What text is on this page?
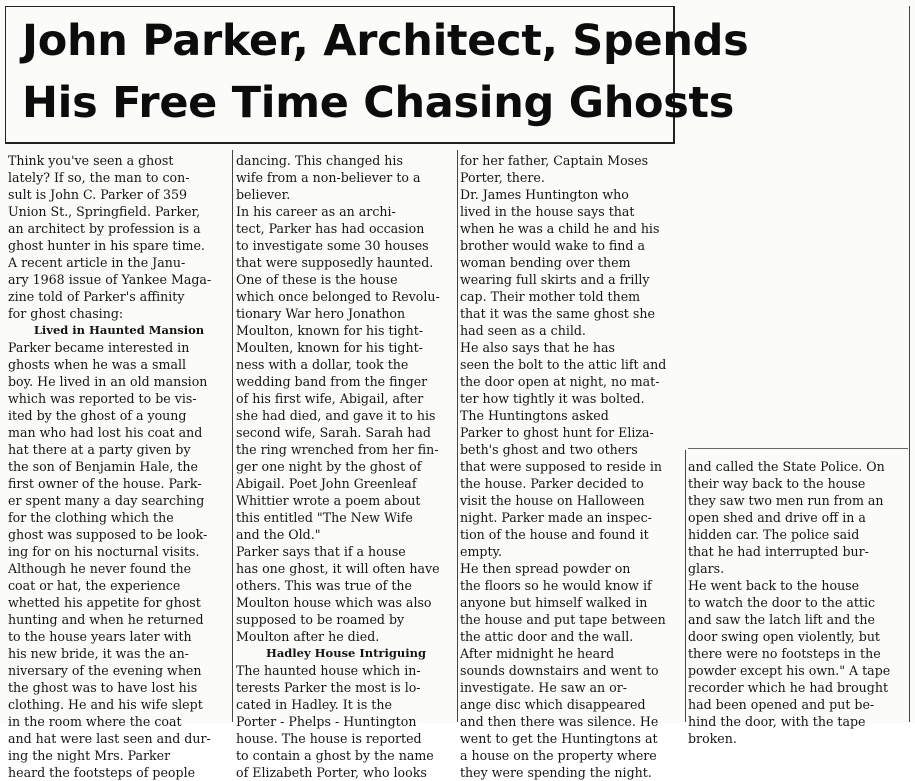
John Parker, Architect, Spends
His Free Time Chasing Ghosts
Think you've seen a ghost
lately? If so, the man to con-
sult is John C. Parker of 359
Union St., Springfield. Parker,
an architect by profession is a
ghost hunter in his spare time.
A recent article in the Janu-
ary 1968 issue of Yankee Maga-
zine told of Parker's affinity
for ghost chasing:
Lived in Haunted Mansion
Parker became interested in
ghosts when he was a small
boy. He lived in an old mansion
which was reported to be vis-
ited by the ghost of a young
man who had lost his coat and
hat there at a party given by
the son of Benjamin Hale, the
first owner of the house. Park-
er spent many a day searching
for the clothing which the
ghost was supposed to be look-
ing for on his nocturnal visits.
Although he never found the
coat or hat, the experience
whetted his appetite for ghost
hunting and when he returned
to the house years later with
his new bride, it was the an-
niversary of the evening when
the ghost was to have lost his
clothing. He and his wife slept
in the room where the coat
and hat were last seen and dur-
ing the night Mrs. Parker
heard the footsteps of people
dancing. This changed his
wife from a non-believer to a
believer.
In his career as an archi-
tect, Parker has had occasion
to investigate some 30 houses
that were supposedly haunted.
One of these is the house
which once belonged to Revolu-
tionary War hero Jonathon
Moulton, known for his tight-
Moulten, known for his tight-
ness with a dollar, took the
wedding band from the finger
of his first wife, Abigail, after
she had died, and gave it to his
second wife, Sarah. Sarah had
the ring wrenched from her fin-
ger one night by the ghost of
Abigail. Poet John Greenleaf
Whittier wrote a poem about
this entitled "The New Wife
and the Old."
Parker says that if a house
has one ghost, it will often have
others. This was true of the
Moulton house which was also
supposed to be roamed by
Moulton after he died.
Hadley House Intriguing
The haunted house which in-
terests Parker the most is lo-
cated in Hadley. It is the
Porter - Phelps - Huntington
house. The house is reported
to contain a ghost by the name
of Elizabeth Porter, who looks
for her father, Captain Moses
Porter, there.
Dr. James Huntington who
lived in the house says that
when he was a child he and his
brother would wake to find a
woman bending over them
wearing full skirts and a frilly
cap. Their mother told them
that it was the same ghost she
had seen as a child.
He also says that he has
seen the bolt to the attic lift and
the door open at night, no mat-
ter how tightly it was bolted.
The Huntingtons asked
Parker to ghost hunt for Eliza-
beth's ghost and two others
that were supposed to reside in
the house. Parker decided to
visit the house on Halloween
night. Parker made an inspec-
tion of the house and found it
empty.
He then spread powder on
the floors so he would know if
anyone but himself walked in
the house and put tape between
the attic door and the wall.
After midnight he heard
sounds downstairs and went to
investigate. He saw an or-
ange disc which disappeared
and then there was silence. He
went to get the Huntingtons at
a house on the property where
they were spending the night.
and called the State Police. On
their way back to the house
they saw two men run from an
open shed and drive off in a
hidden car. The police said
that he had interrupted bur-
glars.
He went back to the house
to watch the door to the attic
and saw the latch lift and the
door swing open violently, but
there were no footsteps in the
powder except his own." A tape
recorder which he had brought
had been opened and put be-
hind the door, with the tape
broken.
